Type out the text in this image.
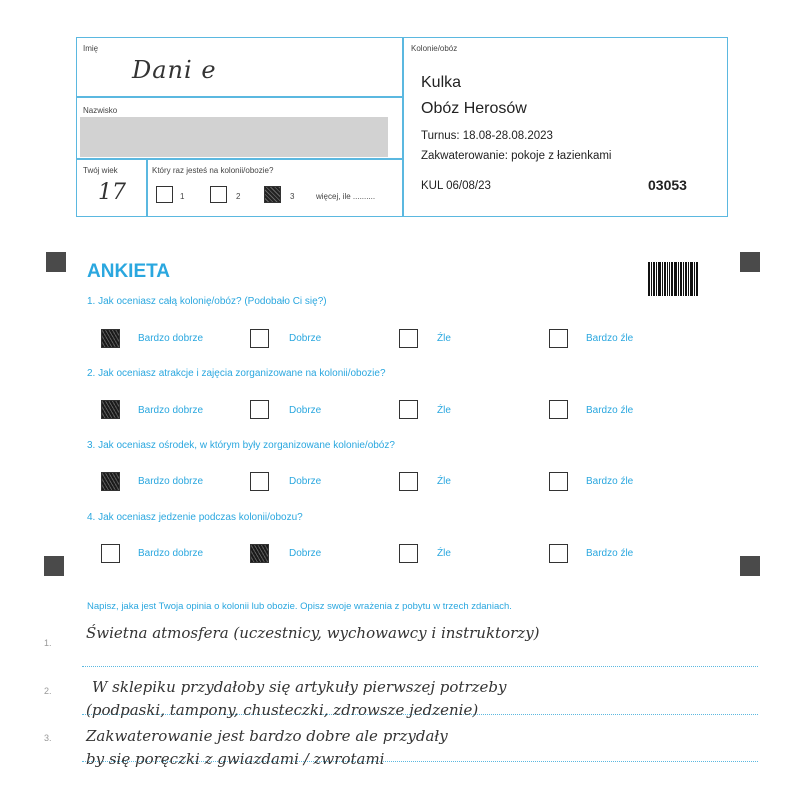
Imię
Dani e
Nazwisko
Twój wiek
17
Który raz jesteś na kolonii/obozie?
1	2	3	więcej, ile ..........
Kolonie/obóz
Kulka
Obóz Herosów
Turnus: 18.08-28.08.2023
Zakwaterowanie: pokoje z łazienkami
KUL 06/08/23	03053
ANKIETA
1. Jak oceniasz całą kolonię/obóz? (Podobało Ci się?)
Bardzo dobrze	Dobrze	Źle	Bardzo źle
2. Jak oceniasz atrakcje i zajęcia zorganizowane na kolonii/obozie?
Bardzo dobrze	Dobrze	Źle	Bardzo źle
3. Jak oceniasz ośrodek, w którym były zorganizowane kolonie/obóz?
Bardzo dobrze	Dobrze	Źle	Bardzo źle
4. Jak oceniasz jedzenie podczas kolonii/obozu?
Bardzo dobrze	Dobrze	Źle	Bardzo źle
Napisz, jaka jest Twoja opinia o kolonii lub obozie. Opisz swoje wrażenia z pobytu w trzech zdaniach.
1.
2.
3.
Świetna atmosfera (uczestnicy, wychowawcy i instruktorzy)
W sklepiku przydałoby się artykuły pierwszej potrzeby
(podpaski, tampony, chusteczki, zdrowsze jedzenie)
Zakwaterowanie jest bardzo dobre ale przydały
by się poręczki z gwiazdami / zwrotami
